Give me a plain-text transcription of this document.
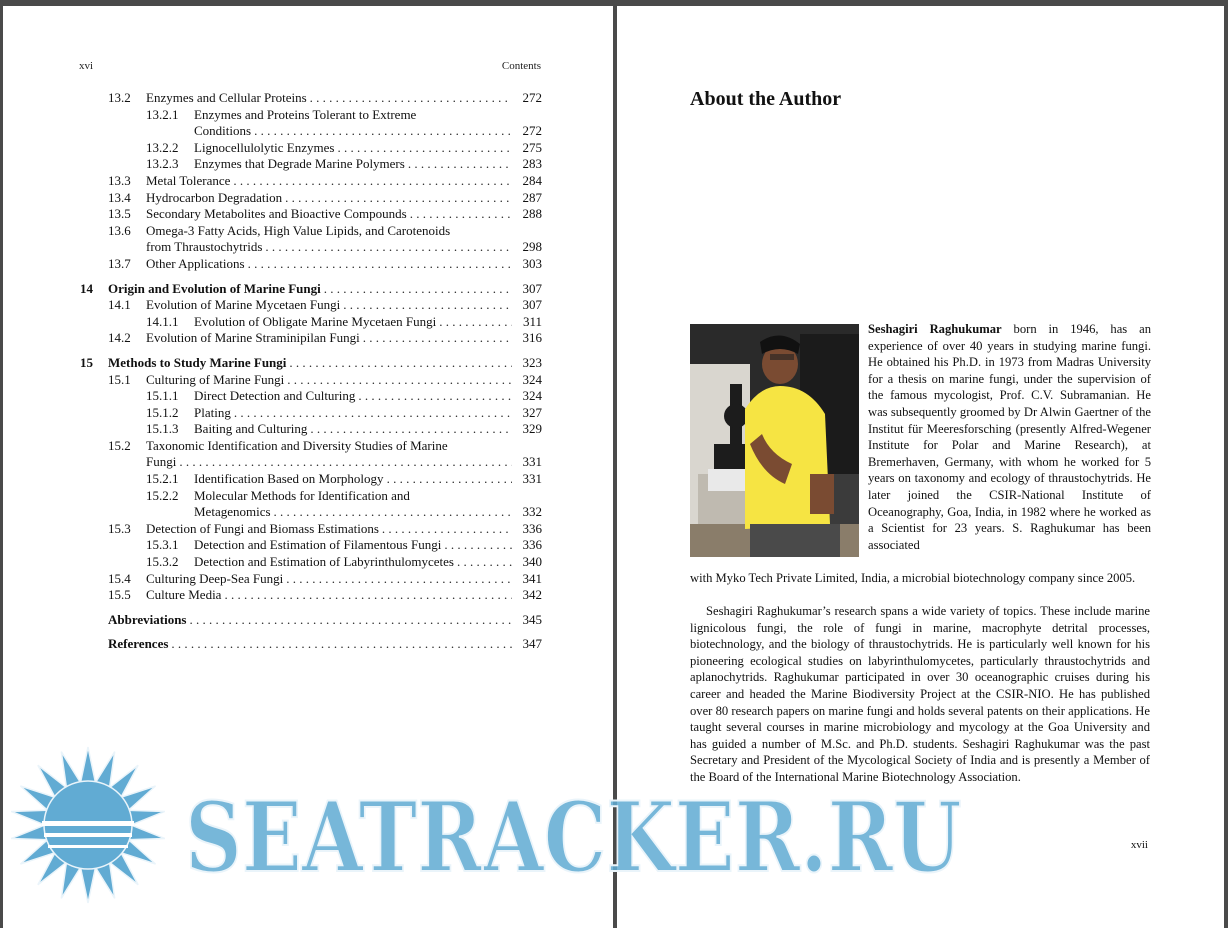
xvi	Contents
13.2	Enzymes and Cellular Proteins . . .	272
13.2.1	Enzymes and Proteins Tolerant to Extreme
Conditions . . .	272
13.2.2	Lignocellulolytic Enzymes . . .	275
13.2.3	Enzymes that Degrade Marine Polymers . . .	283
13.3	Metal Tolerance . . .	284
13.4	Hydrocarbon Degradation . . .	287
13.5	Secondary Metabolites and Bioactive Compounds . . .	288
13.6	Omega-3 Fatty Acids, High Value Lipids, and Carotenoids
from Thraustochytrids . . .	298
13.7	Other Applications . . .	303
14	Origin and Evolution of Marine Fungi . . .	307
14.1	Evolution of Marine Mycetaen Fungi . . .	307
14.1.1	Evolution of Obligate Marine Mycetaen Fungi . . .	311
14.2	Evolution of Marine Straminipilan Fungi . . .	316
15	Methods to Study Marine Fungi . . .	323
15.1	Culturing of Marine Fungi . . .	324
15.1.1	Direct Detection and Culturing . . .	324
15.1.2	Plating . . .	327
15.1.3	Baiting and Culturing . . .	329
15.2	Taxonomic Identification and Diversity Studies of Marine
Fungi . . .	331
15.2.1	Identification Based on Morphology . . .	331
15.2.2	Molecular Methods for Identification and
Metagenomics . . .	332
15.3	Detection of Fungi and Biomass Estimations . . .	336
15.3.1	Detection and Estimation of Filamentous Fungi . . .	336
15.3.2	Detection and Estimation of Labyrinthulomycetes . . .	340
15.4	Culturing Deep-Sea Fungi . . .	341
15.5	Culture Media . . .	342
Abbreviations . . .	345
References . . .	347
About the Author

Seshagiri Raghukumar born in 1946, has an experience of over 40 years in studying marine fungi. He obtained his Ph.D. in 1973 from Madras University for a thesis on marine fungi, under the supervision of the famous mycologist, Prof. C.V. Subramanian. He was subsequently groomed by Dr Alwin Gaertner of the Institut für Meeresforsching (presently Alfred-Wegener Institute for Polar and Marine Research), at Bremerhaven, Germany, with whom he worked for 5 years on taxonomy and ecology of thraustochytrids. He later joined the CSIR-National Institute of Oceanography, Goa, India, in 1982 where he worked as a Scientist for 23 years. S. Raghukumar has been associated

with Myko Tech Private Limited, India, a microbial biotechnology company since 2005.

Seshagiri Raghukumar’s research spans a wide variety of topics. These include marine lignicolous fungi, the role of fungi in marine, macrophyte detrital processes, biotechnology, and the biology of thraustochytrids. He is particularly well known for his pioneering ecological studies on labyrinthulomycetes, particularly thraustochytrids and aplanochytrids. Raghukumar participated in over 30 oceanographic cruises during his career and headed the Marine Biodiversity Project at the CSIR-NIO. He has published over 80 research papers on marine fungi and holds several patents on their applications. He taught several courses in marine microbiology and mycology at the Goa University and has guided a number of M.Sc. and Ph.D. students. Seshagiri Raghukumar was the past Secretary and President of the Mycological Society of India and is presently a Member of the Board of the International Marine Biotechnology Association.

xvii
SEATRACKER.RU
